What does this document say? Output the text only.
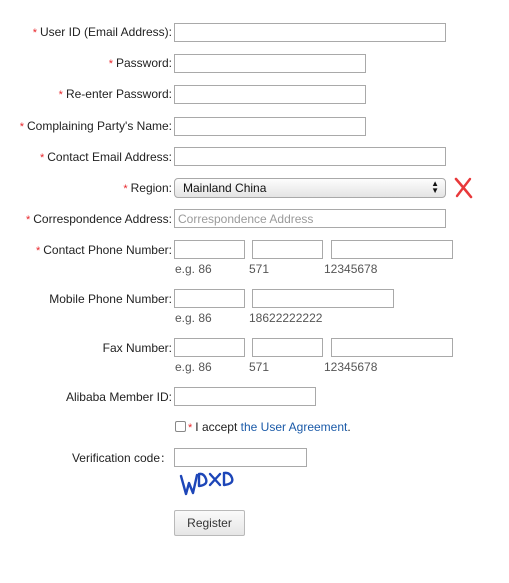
* User ID (Email Address):
* Password:
* Re-enter Password:
* Complaining Party's Name:
* Contact Email Address:
* Region: Mainland China	▲
▼
* Correspondence Address:
Correspondence Address
* Contact Phone Number:
e.g. 86	571	12345678
Mobile Phone Number:
e.g. 86	18622222222
Fax Number:
e.g. 86	571	12345678
Alibaba Member ID:
* I accept the User Agreement.
Verification code：
WDXD
Register
